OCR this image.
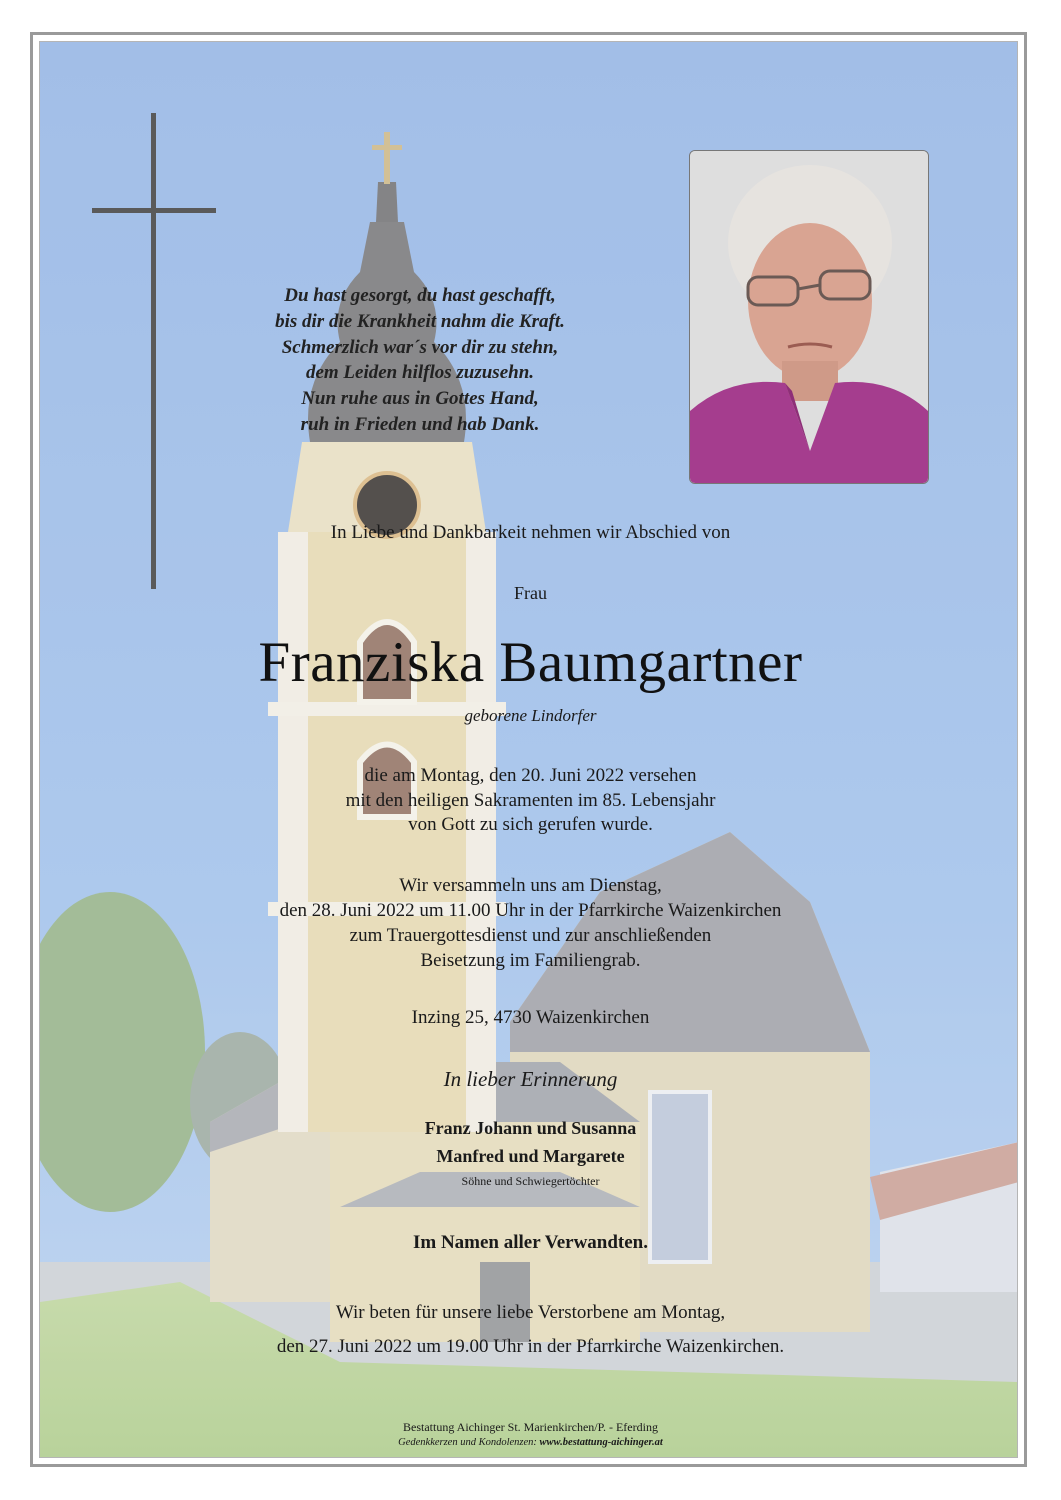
Du hast gesorgt, du hast geschafft,
bis dir die Krankheit nahm die Kraft.
Schmerzlich war´s vor dir zu stehn,
dem Leiden hilflos zuzusehn.
Nun ruhe aus in Gottes Hand,
ruh in Frieden und hab Dank.
In Liebe und Dankbarkeit nehmen wir Abschied von
Frau
Franziska Baumgartner
geborene Lindorfer
die am Montag, den 20. Juni 2022 versehen
mit den heiligen Sakramenten im 85. Lebensjahr
von Gott zu sich gerufen wurde.
Wir versammeln uns am Dienstag,
den 28. Juni 2022 um 11.00 Uhr in der Pfarrkirche Waizenkirchen
zum Trauergottesdienst und zur anschließenden
Beisetzung im Familiengrab.
Inzing 25, 4730 Waizenkirchen
In lieber Erinnerung
Franz Johann und Susanna
Manfred und Margarete
Söhne und Schwiegertöchter
Im Namen aller Verwandten.
Wir beten für unsere liebe Verstorbene am Montag,
den 27. Juni 2022 um 19.00 Uhr in der Pfarrkirche Waizenkirchen.
Bestattung Aichinger St. Marienkirchen/P. - Eferding
Gedenkkerzen und Kondolenzen: www.bestattung-aichinger.at
